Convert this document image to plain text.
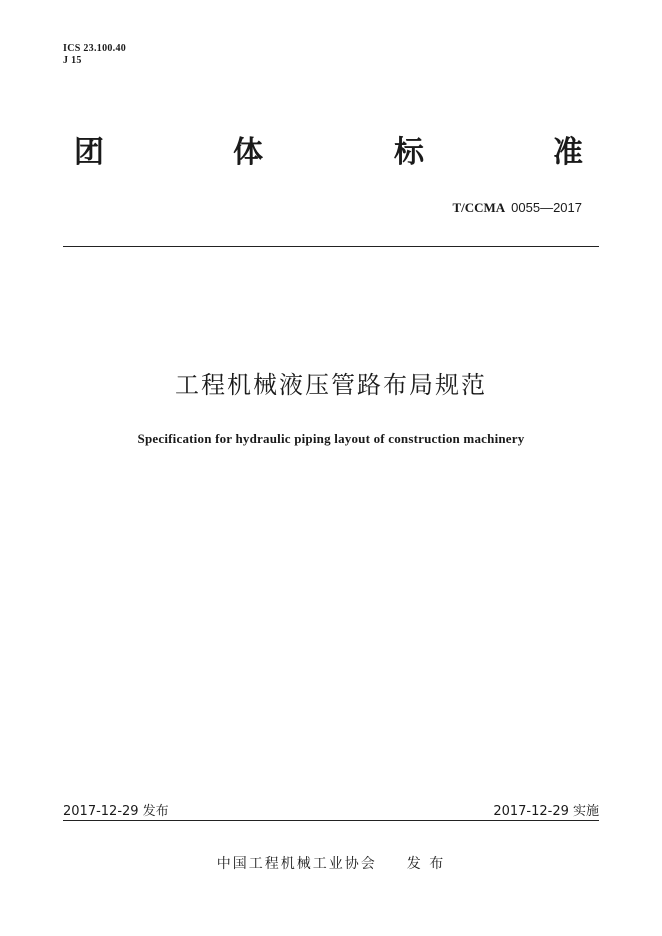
ICS 23.100.40
J 15
团	体	标	准
T/CCMA 0055—2017
工程机械液压管路布局规范
Specification for hydraulic piping layout of construction machinery
2017-12-29 发布	2017-12-29 实施
中国工程机械工业协会 发 布
